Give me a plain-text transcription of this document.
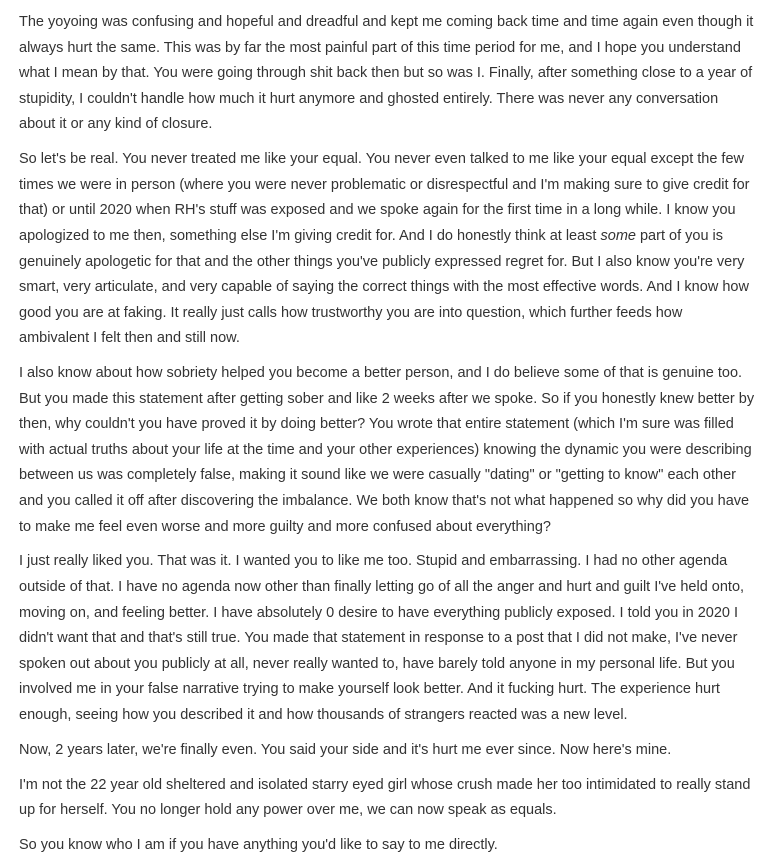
The yoyoing was confusing and hopeful and dreadful and kept me coming back time and time again even though it always hurt the same. This was by far the most painful part of this time period for me, and I hope you understand what I mean by that. You were going through shit back then but so was I. Finally, after something close to a year of stupidity, I couldn't handle how much it hurt anymore and ghosted entirely. There was never any conversation about it or any kind of closure.

So let's be real. You never treated me like your equal. You never even talked to me like your equal except the few times we were in person (where you were never problematic or disrespectful and I'm making sure to give credit for that) or until 2020 when RH's stuff was exposed and we spoke again for the first time in a long while. I know you apologized to me then, something else I'm giving credit for. And I do honestly think at least some part of you is genuinely apologetic for that and the other things you've publicly expressed regret for. But I also know you're very smart, very articulate, and very capable of saying the correct things with the most effective words. And I know how good you are at faking. It really just calls how trustworthy you are into question, which further feeds how ambivalent I felt then and still now.

I also know about how sobriety helped you become a better person, and I do believe some of that is genuine too. But you made this statement after getting sober and like 2 weeks after we spoke. So if you honestly knew better by then, why couldn't you have proved it by doing better? You wrote that entire statement (which I'm sure was filled with actual truths about your life at the time and your other experiences) knowing the dynamic you were describing between us was completely false, making it sound like we were casually "dating" or "getting to know" each other and you called it off after discovering the imbalance. We both know that's not what happened so why did you have to make me feel even worse and more guilty and more confused about everything?

I just really liked you. That was it. I wanted you to like me too. Stupid and embarrassing. I had no other agenda outside of that. I have no agenda now other than finally letting go of all the anger and hurt and guilt I've held onto, moving on, and feeling better. I have absolutely 0 desire to have everything publicly exposed. I told you in 2020 I didn't want that and that's still true. You made that statement in response to a post that I did not make, I've never spoken out about you publicly at all, never really wanted to, have barely told anyone in my personal life. But you involved me in your false narrative trying to make yourself look better. And it fucking hurt. The experience hurt enough, seeing how you described it and how thousands of strangers reacted was a new level.

Now, 2 years later, we're finally even. You said your side and it's hurt me ever since. Now here's mine.

I'm not the 22 year old sheltered and isolated starry eyed girl whose crush made her too intimidated to really stand up for herself. You no longer hold any power over me, we can now speak as equals.

So you know who I am if you have anything you'd like to say to me directly.
